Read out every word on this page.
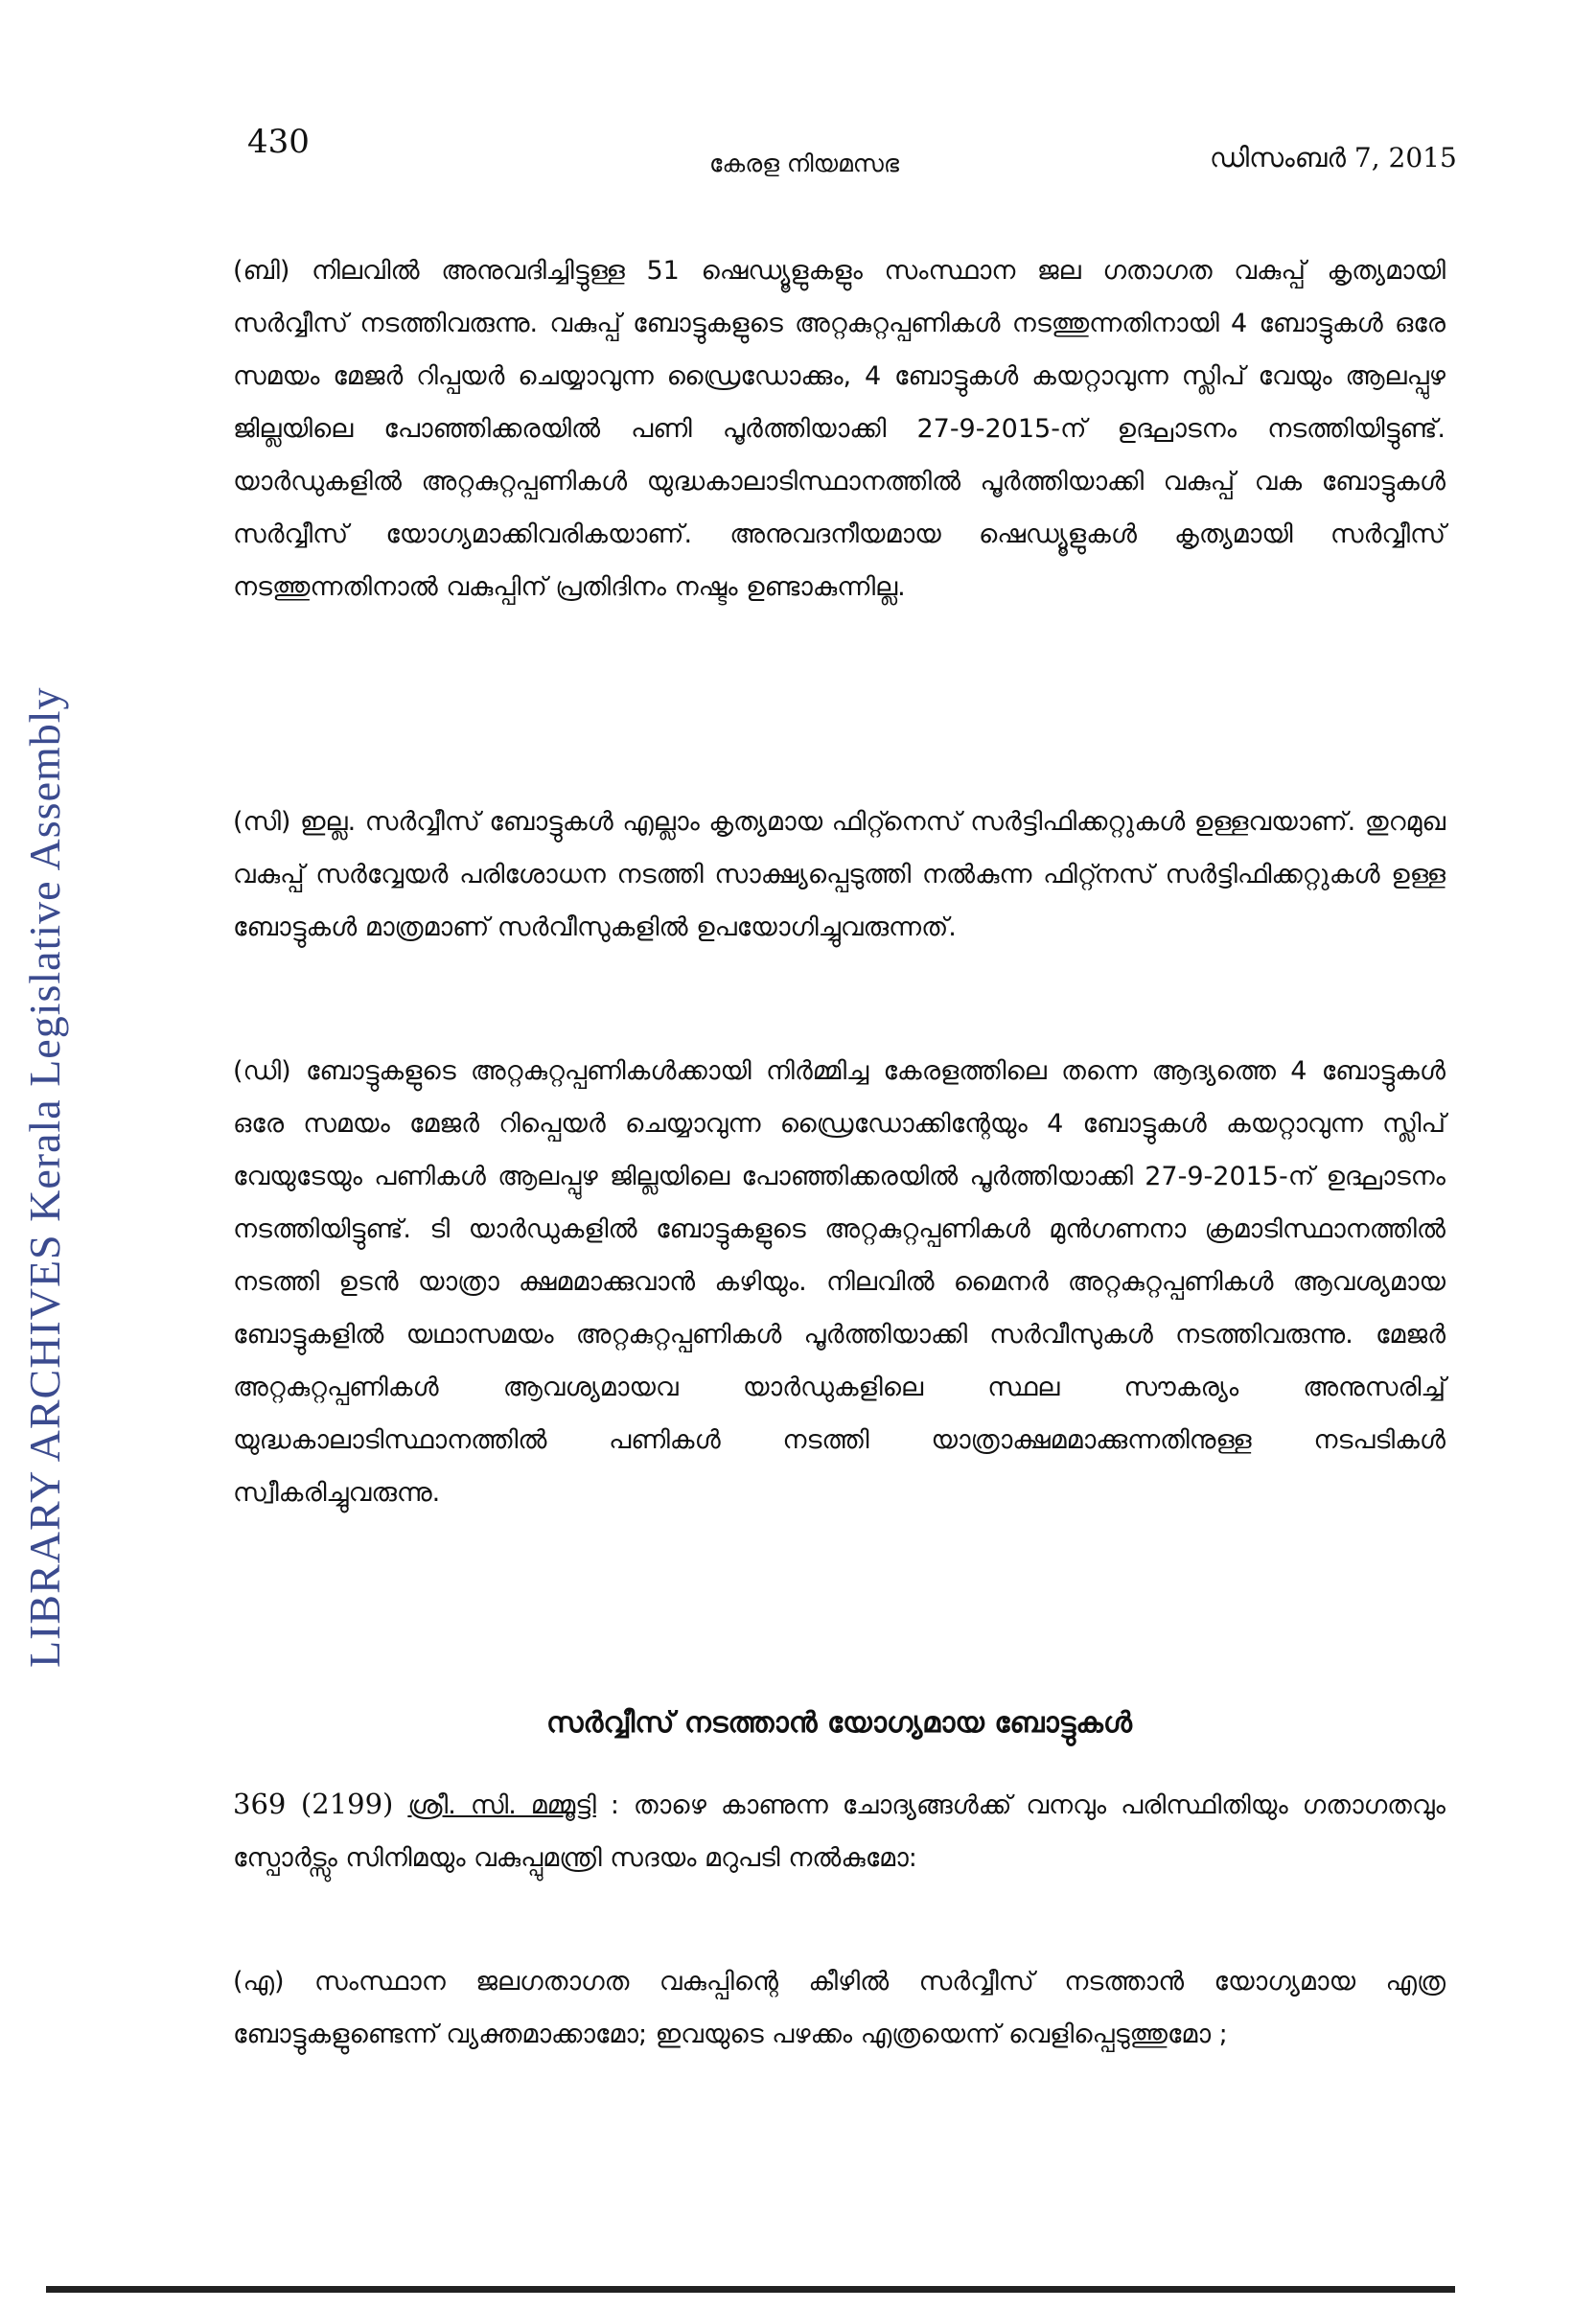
430
കേരള നിയമസഭ	ഡിസംബർ 7, 2015
LIBRARY ARCHIVES Kerala Legislative Assembly

(ബി) നിലവിൽ അനുവദിച്ചിട്ടുള്ള 51 ഷെഡ്യൂളുകളും സംസ്ഥാന ജല ഗതാഗത വകുപ്പ് കൃത്യമായി സർവ്വീസ് നടത്തിവരുന്നു. വകുപ്പ് ബോട്ടുകളുടെ അറ്റകുറ്റപ്പണികൾ നടത്തുന്നതിനായി 4 ബോട്ടുകൾ ഒരേ സമയം മേജർ റിപ്പയർ ചെയ്യാവുന്ന ഡ്രൈഡോക്കും, 4 ബോട്ടുകൾ കയറ്റാവുന്ന സ്ലിപ് വേയും ആലപ്പുഴ ജില്ലയിലെ പോഞ്ഞിക്കരയിൽ പണി പൂർത്തിയാക്കി 27-9-2015-ന് ഉദ്ഘാടനം നടത്തിയിട്ടുണ്ട്. യാർഡുകളിൽ അറ്റകുറ്റപ്പണികൾ യുദ്ധകാലാടിസ്ഥാനത്തിൽ പൂർത്തിയാക്കി വകുപ്പ് വക ബോട്ടുകൾ സർവ്വീസ് യോഗ്യമാക്കിവരികയാണ്. അനുവദനീയമായ ഷെഡ്യൂളുകൾ കൃത്യമായി സർവ്വീസ് നടത്തുന്നതിനാൽ വകുപ്പിന് പ്രതിദിനം നഷ്ടം ഉണ്ടാകുന്നില്ല.

(സി) ഇല്ല. സർവ്വീസ് ബോട്ടുകൾ എല്ലാം കൃത്യമായ ഫിറ്റ്നെസ് സർട്ടിഫിക്കറ്റുകൾ ഉള്ളവയാണ്. തുറമുഖ വകുപ്പ് സർവ്വേയർ പരിശോധന നടത്തി സാക്ഷ്യപ്പെടുത്തി നൽകുന്ന ഫിറ്റ്നസ് സർട്ടിഫിക്കറ്റുകൾ ഉള്ള ബോട്ടുകൾ മാത്രമാണ് സർവീസുകളിൽ ഉപയോഗിച്ചുവരുന്നത്.

(ഡി) ബോട്ടുകളുടെ അറ്റകുറ്റപ്പണികൾക്കായി നിർമ്മിച്ച കേരളത്തിലെ തന്നെ ആദ്യത്തെ 4 ബോട്ടുകൾ ഒരേ സമയം മേജർ റിപ്പെയർ ചെയ്യാവുന്ന ഡ്രൈഡോക്കിന്റേയും 4 ബോട്ടുകൾ കയറ്റാവുന്ന സ്ലിപ് വേയുടേയും പണികൾ ആലപ്പുഴ ജില്ലയിലെ പോഞ്ഞിക്കരയിൽ പൂർത്തിയാക്കി 27-9-2015-ന് ഉദ്ഘാടനം നടത്തിയിട്ടുണ്ട്. ടി യാർഡുകളിൽ ബോട്ടുകളുടെ അറ്റകുറ്റപ്പണികൾ മുൻഗണനാ ക്രമാടിസ്ഥാനത്തിൽ നടത്തി ഉടൻ യാത്രാ ക്ഷമമാക്കുവാൻ കഴിയും. നിലവിൽ മൈനർ അറ്റകുറ്റപ്പണികൾ ആവശ്യമായ ബോട്ടുകളിൽ യഥാസമയം അറ്റകുറ്റപ്പണികൾ പൂർത്തിയാക്കി സർവീസുകൾ നടത്തിവരുന്നു. മേജർ അറ്റകുറ്റപ്പണികൾ ആവശ്യമായവ യാർഡുകളിലെ സ്ഥല സൗകര്യം അനുസരിച്ച് യുദ്ധകാലാടിസ്ഥാനത്തിൽ പണികൾ നടത്തി യാത്രാക്ഷമമാക്കുന്നതിനുള്ള നടപടികൾ സ്വീകരിച്ചുവരുന്നു.

സർവ്വീസ് നടത്താൻ യോഗ്യമായ ബോട്ടുകൾ

369 (2199) ശ്രീ. സി. മമ്മൂട്ടി : താഴെ കാണുന്ന ചോദ്യങ്ങൾക്ക് വനവും പരിസ്ഥിതിയും ഗതാഗതവും സ്പോർട്സും സിനിമയും വകുപ്പുമന്ത്രി സദയം മറുപടി നൽകുമോ:

(എ) സംസ്ഥാന ജലഗതാഗത വകുപ്പിന്റെ കീഴിൽ സർവ്വീസ് നടത്താൻ യോഗ്യമായ എത്ര ബോട്ടുകളുണ്ടെന്ന് വ്യക്തമാക്കാമോ; ഇവയുടെ പഴക്കം എത്രയെന്ന് വെളിപ്പെടുത്തുമോ ;
